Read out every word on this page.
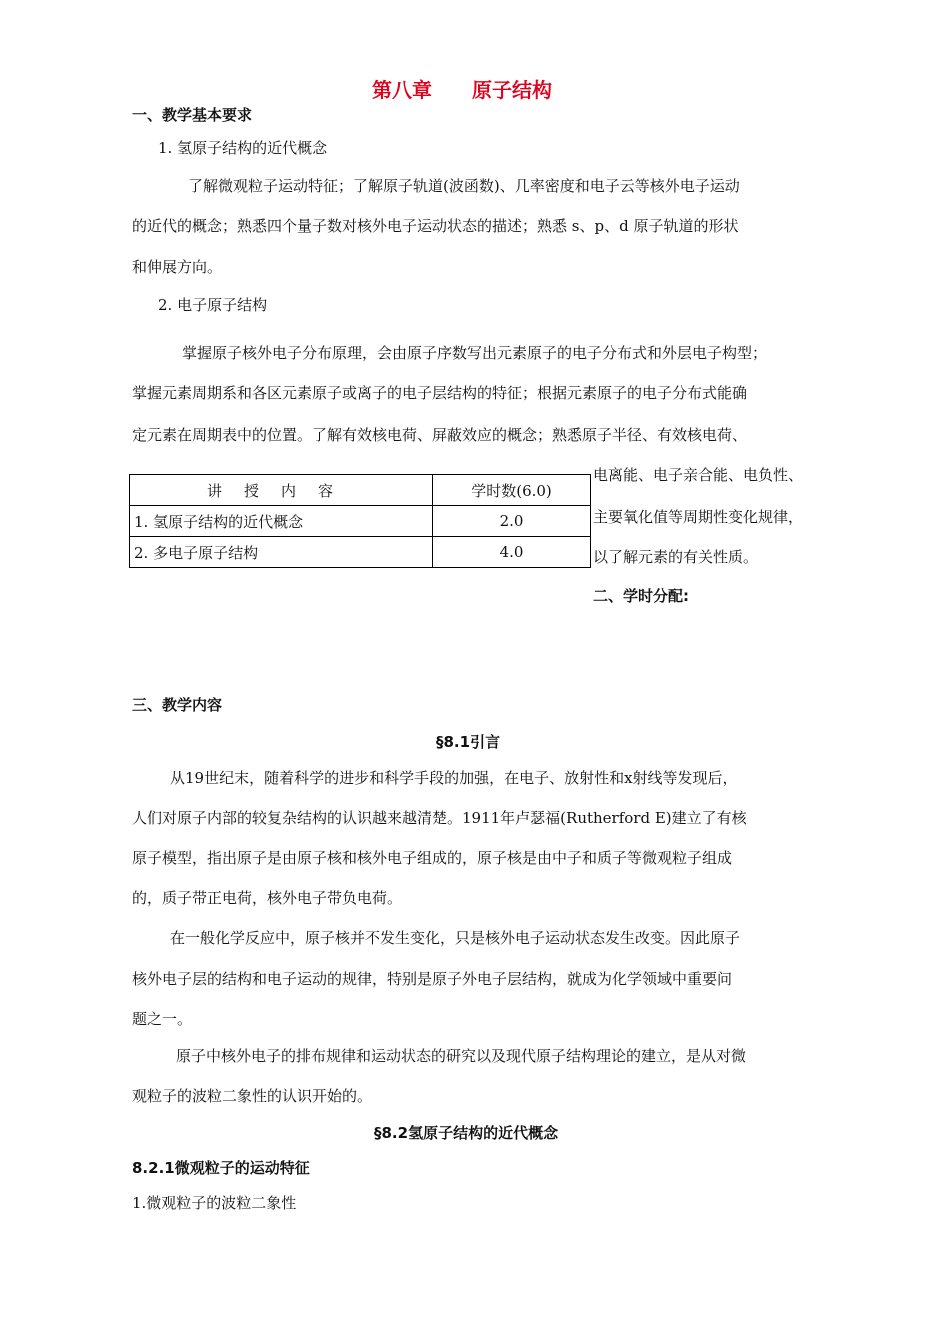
第八章　　原子结构
一、教学基本要求
1. 氢原子结构的近代概念
了解微观粒子运动特征；了解原子轨道(波函数)、几率密度和电子云等核外电子运动
的近代的概念；熟悉四个量子数对核外电子运动状态的描述；熟悉 s、p、d 原子轨道的形状
和伸展方向。
2. 电子原子结构
掌握原子核外电子分布原理，会由原子序数写出元素原子的电子分布式和外层电子构型；
掌握元素周期系和各区元素原子或离子的电子层结构的特征；根据元素原子的电子分布式能确
定元素在周期表中的位置。了解有效核电荷、屏蔽效应的概念；熟悉原子半径、有效核电荷、
电离能、电子亲合能、电负性、
主要氧化值等周期性变化规律，
以了解元素的有关性质。
讲授内容	学时数(6.0)
1. 氢原子结构的近代概念	2.0
2. 多电子原子结构	4.0
二、学时分配:
三、教学内容
§8.1引言
从19世纪末，随着科学的进步和科学手段的加强，在电子、放射性和x射线等发现后，
人们对原子内部的较复杂结构的认识越来越清楚。1911年卢瑟福(Rutherford E)建立了有核
原子模型，指出原子是由原子核和核外电子组成的，原子核是由中子和质子等微观粒子组成
的，质子带正电荷，核外电子带负电荷。
在一般化学反应中，原子核并不发生变化，只是核外电子运动状态发生改变。因此原子
核外电子层的结构和电子运动的规律，特别是原子外电子层结构，就成为化学领域中重要问
题之一。
原子中核外电子的排布规律和运动状态的研究以及现代原子结构理论的建立，是从对微
观粒子的波粒二象性的认识开始的。
§8.2氢原子结构的近代概念
8.2.1微观粒子的运动特征
1.微观粒子的波粒二象性
